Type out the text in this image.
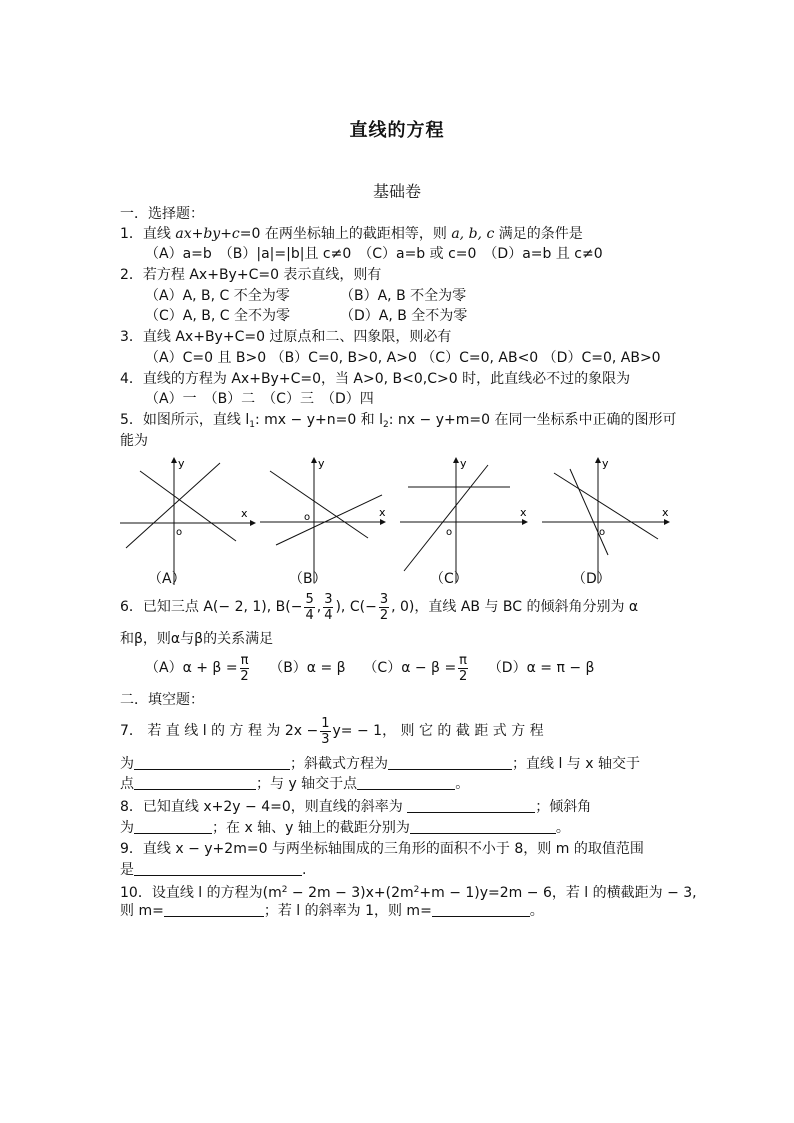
直线的方程
基础卷
一．选择题：
1．直线 ax+by+c=0 在两坐标轴上的截距相等，则 a, b, c 满足的条件是
（A）a=b　（B）|a|=|b|且 c≠0　（C）a=b 或 c=0　（D）a=b 且 c≠0
2．若方程 Ax+By+C=0 表示直线，则有
（A）A, B, C 不全为零	（B）A, B 不全为零
（C）A, B, C 全不为零	（D）A, B 全不为零
3．直线 Ax+By+C=0 过原点和二、四象限，则必有
（A）C=0 且 B>0 （B）C=0, B>0, A>0 （C）C=0, AB<0 （D）C=0, AB>0
4．直线的方程为 Ax+By+C=0，当 A>0, B<0,C>0 时，此直线必不过的象限为
（A）一　（B）二　（C）三　（D）四
5．如图所示，直线 $l_1$: mx − y+n=0 和 $l_2$: nx − y+m=0 在同一坐标系中正确的图形可
能为
x
y
o
（A）
x
y
o
（B）
x
y
o
（C）
x
y
o
（D）
6．已知三点 A(− 2, 1), $B(- \frac{5}{4}$ , $\frac{3}{4}$ ), $C(- \frac{3}{2}$ , 0)，直线 AB 与 BC 的倾斜角分别为 α
和β，则α与β的关系满足
$(A)\alpha + \beta = \frac{\pi}{2} (B)\alpha = \beta$ $(C)\alpha - \beta = \frac{\pi}{2} (D)\alpha = \pi - \beta$
二．填空题：
7． 若 直 线 l 的 方 程 为 $2x - \frac{1}{3} y= - 1$， 则 它 的 截 距 式 方 程
为	；斜截式方程为	；直线 l 与 x 轴交于
点	；与 y 轴交于点	。
8．已知直线 x+2y − 4=0，则直线的斜率为	；倾斜角
为	；在 x 轴、y 轴上的截距分别为	。
9．直线 x − y+2m=0 与两坐标轴围成的三角形的面积不小于 8，则 m 的取值范围
是	.
10．设直线 l 的方程为$(m^2 - 2m - 3)x+(2m^2+m - 1)y=2m - 6$，若 l 的横截距为 − 3,
则 m=	；若 l 的斜率为 1，则 m=	。
